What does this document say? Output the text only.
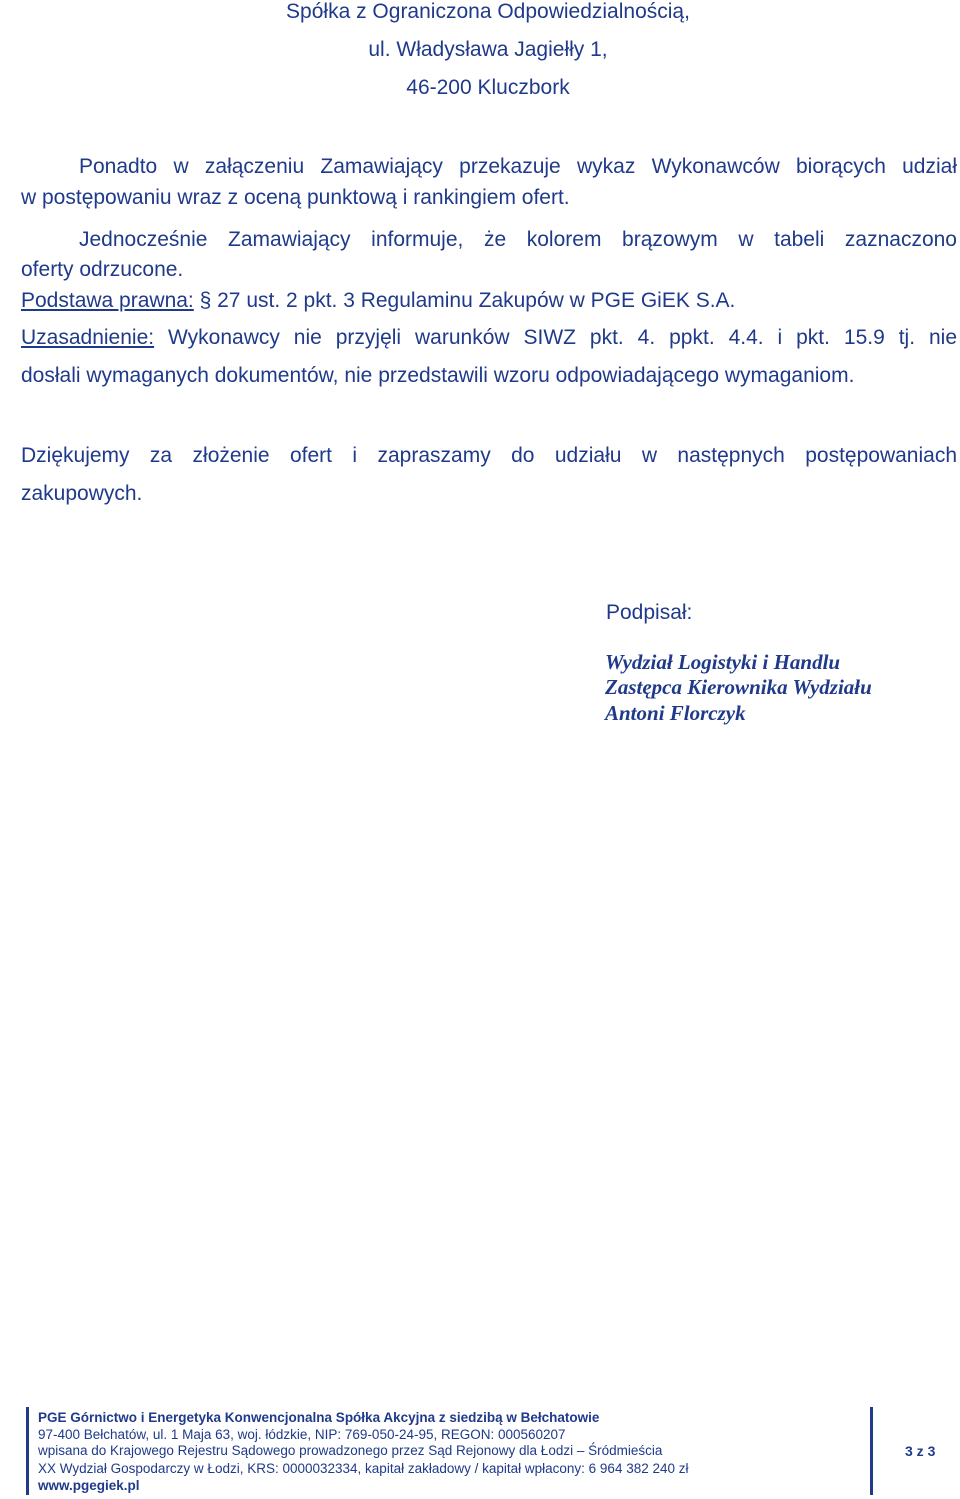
Spółka z Ograniczona Odpowiedzialnością,
ul. Władysława Jagiełły 1,
46-200 Kluczbork
Ponadto w załączeniu Zamawiający przekazuje wykaz Wykonawców biorących udział
w postępowaniu wraz z oceną punktową i rankingiem ofert.
Jednocześnie Zamawiający informuje, że kolorem brązowym w tabeli zaznaczono
oferty odrzucone.
Podstawa prawna: § 27 ust. 2 pkt. 3 Regulaminu Zakupów w PGE GiEK S.A.
Uzasadnienie: Wykonawcy nie przyjęli warunków SIWZ pkt. 4. ppkt. 4.4. i pkt. 15.9 tj. nie
dosłali wymaganych dokumentów, nie przedstawili wzoru odpowiadającego wymaganiom.
Dziękujemy za złożenie ofert i zapraszamy do udziału w następnych postępowaniach
zakupowych.
Podpisał:
Wydział Logistyki i Handlu
Zastępca Kierownika Wydziału
Antoni Florczyk
PGE Górnictwo i Energetyka Konwencjonalna Spółka Akcyjna z siedzibą w Bełchatowie
97-400 Bełchatów, ul. 1 Maja 63, woj. łódzkie, NIP: 769-050-24-95, REGON: 000560207
wpisana do Krajowego Rejestru Sądowego prowadzonego przez Sąd Rejonowy dla Łodzi – Śródmieścia
XX Wydział Gospodarczy w Łodzi, KRS: 0000032334, kapitał zakładowy / kapitał wpłacony: 6 964 382 240 zł
www.pgegiek.pl
3 z 3
